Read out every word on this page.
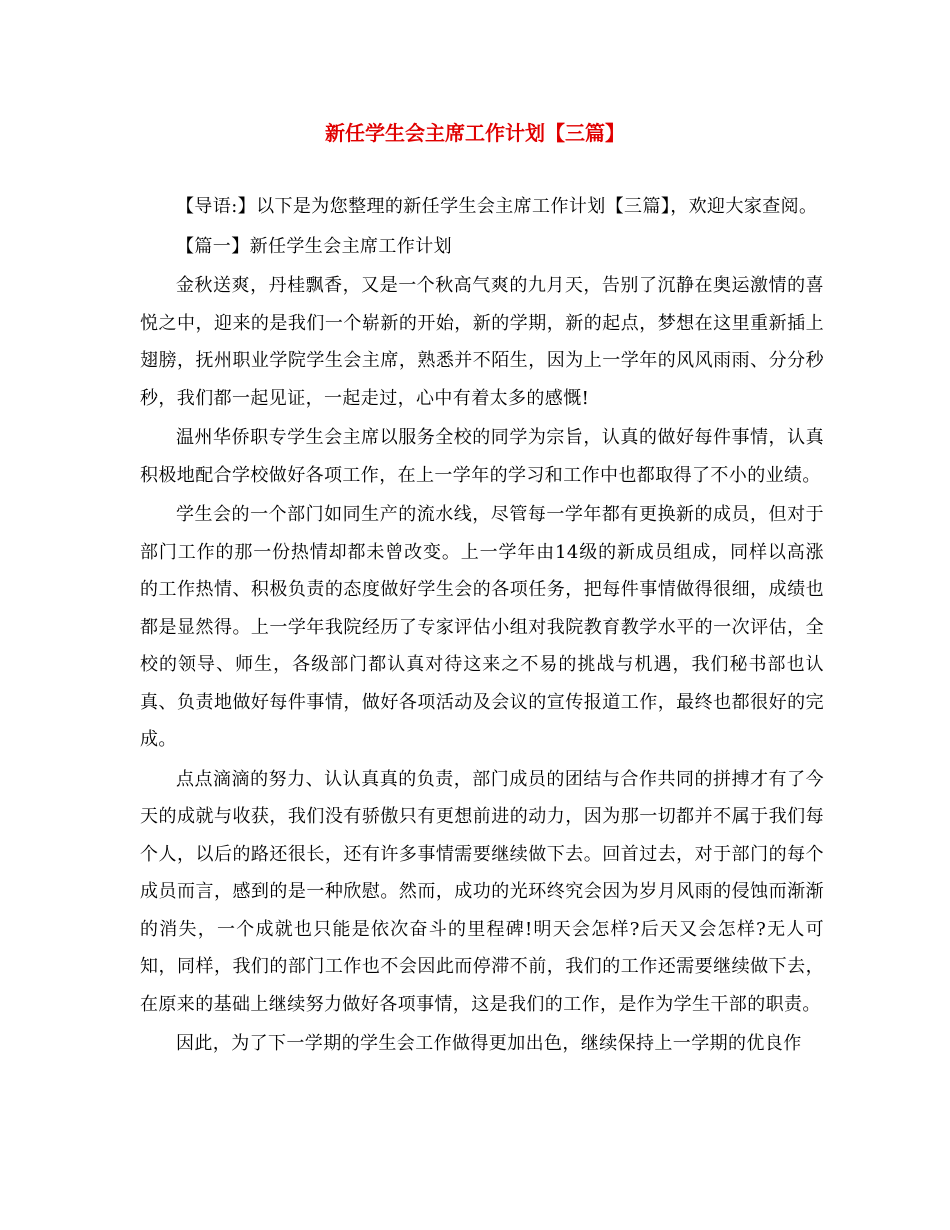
新任学生会主席工作计划【三篇】

【导语:】以下是为您整理的新任学生会主席工作计划【三篇】，欢迎大家查阅。

【篇一】新任学生会主席工作计划

金秋送爽，丹桂飘香，又是一个秋高气爽的九月天，告别了沉静在奥运激情的喜悦之中，迎来的是我们一个崭新的开始，新的学期，新的起点，梦想在这里重新插上翅膀，抚州职业学院学生会主席，熟悉并不陌生，因为上一学年的风风雨雨、分分秒秒，我们都一起见证，一起走过，心中有着太多的感慨!

温州华侨职专学生会主席以服务全校的同学为宗旨，认真的做好每件事情，认真积极地配合学校做好各项工作，在上一学年的学习和工作中也都取得了不小的业绩。

学生会的一个部门如同生产的流水线，尽管每一学年都有更换新的成员，但对于部门工作的那一份热情却都未曾改变。上一学年由14级的新成员组成，同样以高涨的工作热情、积极负责的态度做好学生会的各项任务，把每件事情做得很细，成绩也都是显然得。上一学年我院经历了专家评估小组对我院教育教学水平的一次评估，全校的领导、师生，各级部门都认真对待这来之不易的挑战与机遇，我们秘书部也认真、负责地做好每件事情，做好各项活动及会议的宣传报道工作，最终也都很好的完成。

点点滴滴的努力、认认真真的负责，部门成员的团结与合作共同的拼搏才有了今天的成就与收获，我们没有骄傲只有更想前进的动力，因为那一切都并不属于我们每个人，以后的路还很长，还有许多事情需要继续做下去。回首过去，对于部门的每个成员而言，感到的是一种欣慰。然而，成功的光环终究会因为岁月风雨的侵蚀而渐渐的消失，一个成就也只能是依次奋斗的里程碑!明天会怎样?后天又会怎样?无人可知，同样，我们的部门工作也不会因此而停滞不前，我们的工作还需要继续做下去，在原来的基础上继续努力做好各项事情，这是我们的工作，是作为学生干部的职责。

因此，为了下一学期的学生会工作做得更加出色，继续保持上一学期的优良作
